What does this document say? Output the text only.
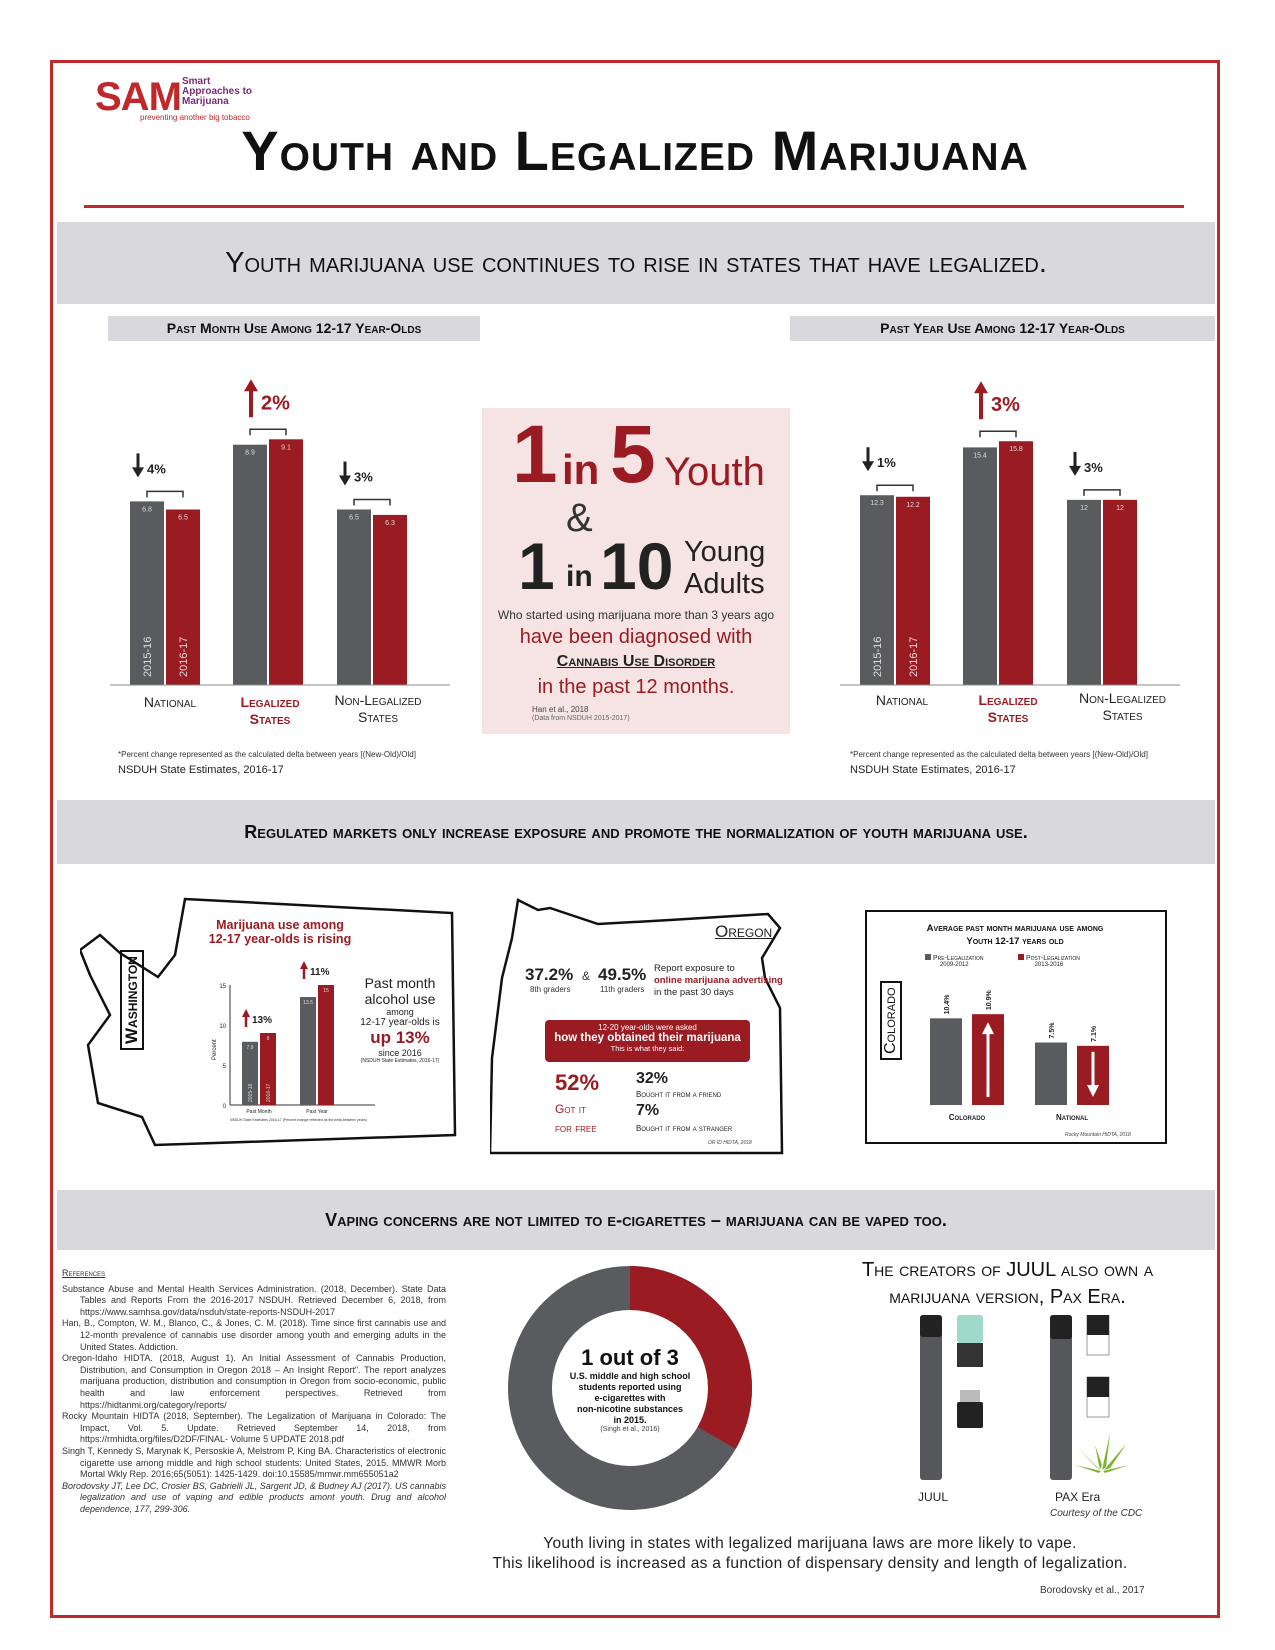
SAM Smart
Approaches to
Marijuana
preventing another big tobacco
Youth and Legalized Marijuana
Youth marijuana use continues to rise in states that have legalized.
Past Month Use Among 12-17 Year-Olds	Past Year Use Among 12-17 Year-Olds
6.8
6.5
4%
2015-16 2016-17
8.9
9.1
2%
6.5
6.3
3%
12.3	12.2
1%
2015-16 2016-17
15.4
15.8
3%
12	12
3%
National	Legalized
States
Non-Legalized
States
National	Legalized
States
Non-Legalized
States
*Percent change represented as the calculated delta between years [(New-Old)/Old]
NSDUH State Estimates, 2016-17
*Percent change represented as the calculated delta between years [(New-Old)/Old]
NSDUH State Estimates, 2016-17
1 in 5 Youth
&
1 in 10 Young
Adults
Who started using marijuana more than 3 years ago
have been diagnosed with
Cannabis Use Disorder
in the past 12 months.
Han et al., 2018
(Data from NSDUH 2015-2017)
Regulated markets only increase exposure and promote the normalization of youth marijuana use.
Washington
Marijuana use among
12-17 year-olds is rising
0
5
10
15
Percent	7.9
9
Past Month
13%
2015-16 2016-17
13.5
15
Past Year
11%
NSDUH State Estimates 2016-17 (Percent change reflected as the delta between years)
Past month
alcohol use
among
12-17 year-olds is
up 13%
since 2016
(NSDUH State Estimates, 2016-17)
Oregon
37.2%
8th graders
& 49.5%
11th graders
Report exposure to
online marijuana advertising
in the past 30 days
12-20 year-olds were asked
how they obtained their marijuana
This is what they said:
52%
Got it
for free
32%
Bought it from a friend
7%
Bought it from a stranger
OR ID HIDTA, 2018
Colorado
Average past month marijuana use among
Youth 12-17 years old
Pre-Legalization
2009-2012
Post-Legalization
2013-2016
10.4%	10.9%
Colorado
7.5%	7.1%
National
Rocky Mountain HIDTA, 2018
Vaping concerns are not limited to e-cigarettes – marijuana can be vaped too.
References

Substance Abuse and Mental Health Services Administration. (2018, December). State Data Tables and Reports From the 2016-2017 NSDUH. Retrieved December 6, 2018, from https://www.samhsa.gov/data/nsduh/state-reports-NSDUH-2017

Han, B., Compton, W. M., Blanco, C., & Jones, C. M. (2018). Time since first cannabis use and 12-month prevalence of cannabis use disorder among youth and emerging adults in the United States. Addiction.

Oregon-Idaho HIDTA. (2018, August 1). An Initial Assessment of Cannabis Production, Distribution, and Consumption in Oregon 2018 – An Insight Report". The report analyzes marijuana production, distribution and consumption in Oregon from socio-economic, public health and law enforcement perspectives. Retrieved from https://hidtanmi.org/category/reports/

Rocky Mountain HIDTA (2018, September). The Legalization of Marijuana in Colorado: The Impact, Vol. 5. Update. Retrieved September 14, 2018, from https://rmhidta.org/files/D2DF/FINAL- Volume 5 UPDATE 2018.pdf

Singh T, Kennedy S, Marynak K, Persoskie A, Melstrom P, King BA. Characteristics of electronic cigarette use among middle and high school students: United States, 2015. MMWR Morb Mortal Wkly Rep. 2016;65(5051): 1425-1429. doi:10.15585/mmwr.mm655051a2

Borodovsky JT, Lee DC, Crosier BS, Gabrielli JL, Sargent JD, & Budney AJ (2017). US cannabis legalization and use of vaping and edible products amont youth. Drug and alcohol dependence, 177, 299-306.

1 out of 3
U.S. middle and high school
students reported using
e-cigarettes with
non-nicotine substances
in 2015.
(Singh et al., 2016)
The creators of JUUL also own a
marijuana version, Pax Era.
JUUL	PAX Era
Courtesy of the CDC
Youth living in states with legalized marijuana laws are more likely to vape.
This likelihood is increased as a function of dispensary density and length of legalization.
Borodovsky et al., 2017
